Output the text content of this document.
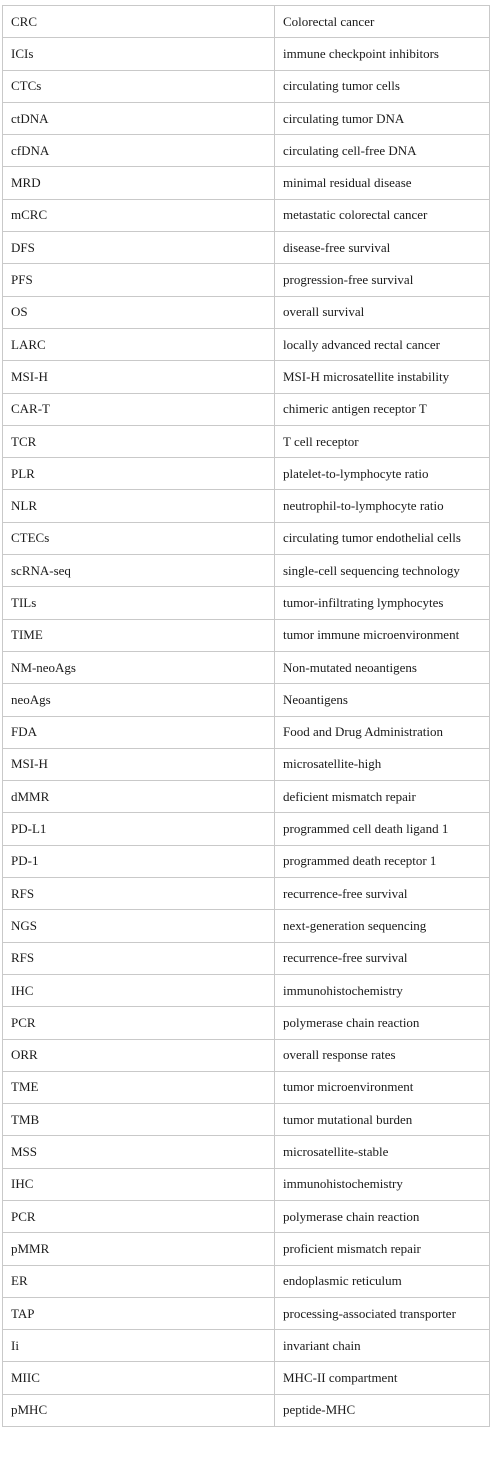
CRC	Colorectal cancer
ICIs	immune checkpoint inhibitors
CTCs	circulating tumor cells
ctDNA	circulating tumor DNA
cfDNA	circulating cell-free DNA
MRD	minimal residual disease
mCRC	metastatic colorectal cancer
DFS	disease-free survival
PFS	progression-free survival
OS	overall survival
LARC	locally advanced rectal cancer
MSI-H	MSI-H microsatellite instability
CAR-T	chimeric antigen receptor T
TCR	T cell receptor
PLR	platelet-to-lymphocyte ratio
NLR	neutrophil-to-lymphocyte ratio
CTECs	circulating tumor endothelial cells
scRNA-seq	single-cell sequencing technology
TILs	tumor-infiltrating lymphocytes
TIME	tumor immune microenvironment
NM-neoAgs	Non-mutated neoantigens
neoAgs	Neoantigens
FDA	Food and Drug Administration
MSI-H	microsatellite-high
dMMR	deficient mismatch repair
PD-L1	programmed cell death ligand 1
PD-1	programmed death receptor 1
RFS	recurrence-free survival
NGS	next-generation sequencing
RFS	recurrence-free survival
IHC	immunohistochemistry
PCR	polymerase chain reaction
ORR	overall response rates
TME	tumor microenvironment
TMB	tumor mutational burden
MSS	microsatellite-stable
IHC	immunohistochemistry
PCR	polymerase chain reaction
pMMR	proficient mismatch repair
ER	endoplasmic reticulum
TAP	processing-associated transporter
Ii	invariant chain
MIIC	MHC-II compartment
pMHC	peptide-MHC
